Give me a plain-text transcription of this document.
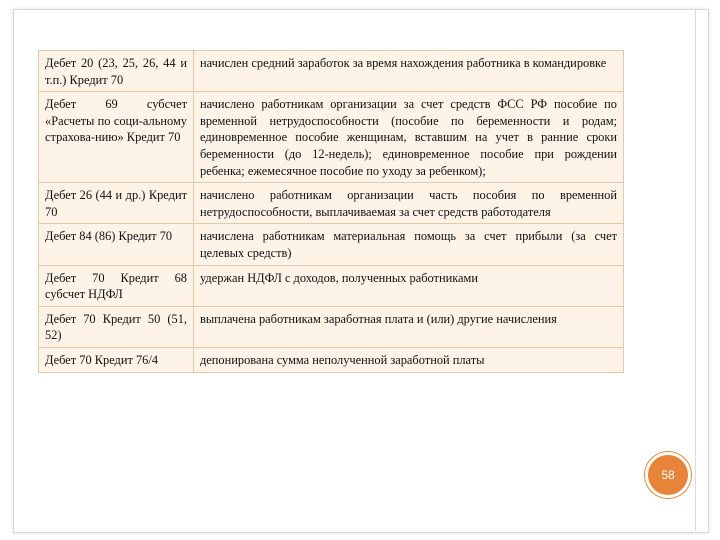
Дебет 20 (23, 25, 26, 44 и т.п.) Кредит 70	начислен средний заработок за время нахождения работника в командировке
Дебет 69 субсчет «Расчеты по соци-альному страхова-нию» Кредит 70	начислено работникам организации за счет средств ФСС РФ пособие по временной нетрудоспособности (пособие по беременности и родам; единовременное пособие женщинам, вставшим на учет в ранние сроки беременности (до 12-недель); единовременное пособие при рождении ребенка; ежемесячное пособие по уходу за ребенком);
Дебет 26 (44 и др.) Кредит 70	начислено работникам организации часть пособия по временной нетрудоспособности, выплачиваемая за счет средств работодателя
Дебет 84 (86) Кредит 70	начислена работникам материальная помощь за счет прибыли (за счет целевых средств)
Дебет 70 Кредит 68 субсчет НДФЛ	удержан НДФЛ с доходов, полученных работниками
Дебет 70 Кредит 50 (51, 52)	выплачена работникам заработная плата и (или) другие начисления
Дебет 70 Кредит 76/4	депонирована сумма неполученной заработной платы
58
